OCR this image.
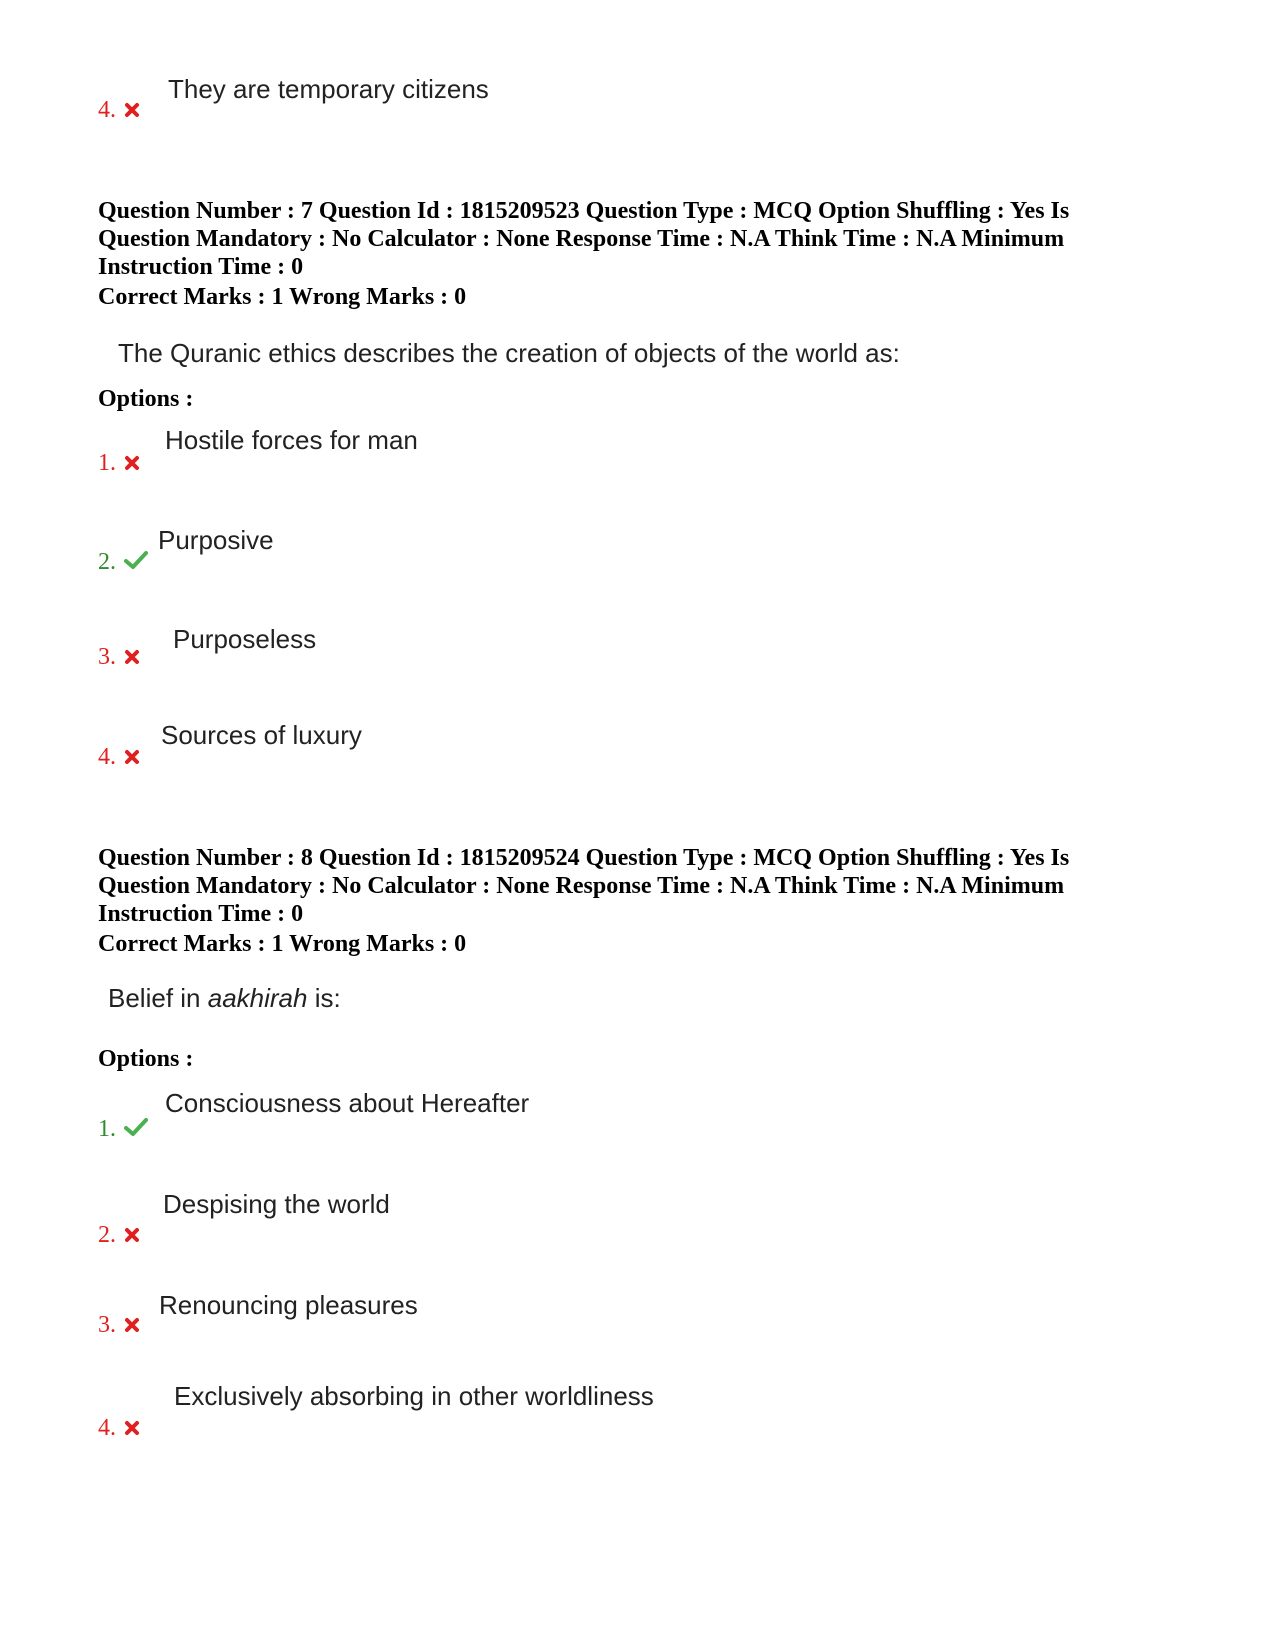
They are temporary citizens
4.
Question Number : 7 Question Id : 1815209523 Question Type : MCQ Option Shuffling : Yes Is
Question Mandatory : No Calculator : None Response Time : N.A Think Time : N.A Minimum
Instruction Time : 0
Correct Marks : 1 Wrong Marks : 0
The Quranic ethics describes the creation of objects of the world as:
Options :
Hostile forces for man
1.
Purposive
2.
Purposeless
3.
Sources of luxury
4.
Question Number : 8 Question Id : 1815209524 Question Type : MCQ Option Shuffling : Yes Is
Question Mandatory : No Calculator : None Response Time : N.A Think Time : N.A Minimum
Instruction Time : 0
Correct Marks : 1 Wrong Marks : 0
Belief in aakhirah is:
Options :
Consciousness about Hereafter
1.
Despising the world
2.
Renouncing pleasures
3.
Exclusively absorbing in other worldliness
4.
